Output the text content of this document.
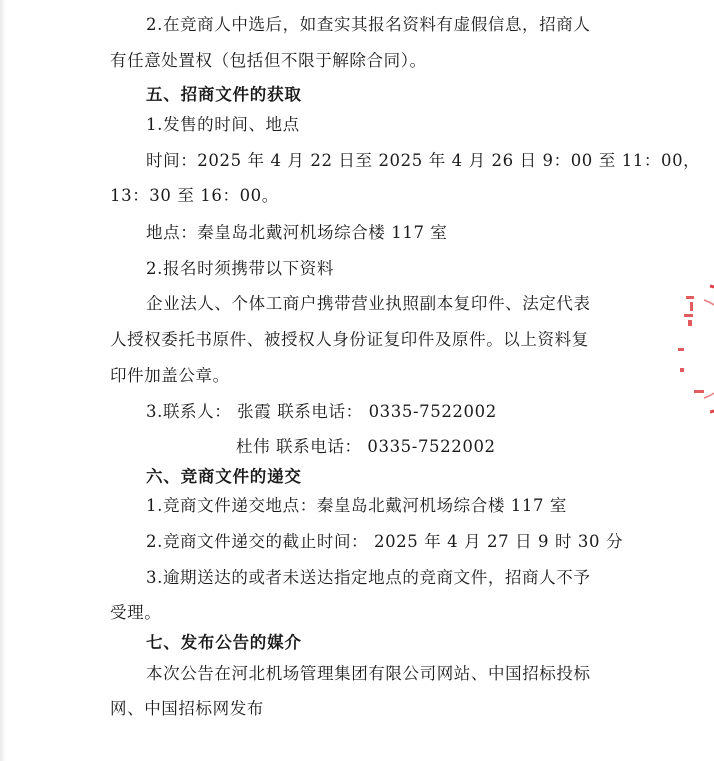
2.在竞商人中选后，如查实其报名资料有虚假信息，招商人
有任意处置权（包括但不限于解除合同）。
五、招商文件的获取
1.发售的时间、地点
时间：2025 年 4 月 22 日至 2025 年 4 月 26 日 9：00 至 11：00，
13：30 至 16：00。
地点：秦皇岛北戴河机场综合楼 117 室
2.报名时须携带以下资料
企业法人、个体工商户携带营业执照副本复印件、法定代表
人授权委托书原件、被授权人身份证复印件及原件。以上资料复
印件加盖公章。
3.联系人： 张霞 联系电话： 0335-7522002
杜伟 联系电话： 0335-7522002
六、竞商文件的递交
1.竞商文件递交地点：秦皇岛北戴河机场综合楼 117 室
2.竞商文件递交的截止时间： 2025 年 4 月 27 日 9 时 30 分
3.逾期送达的或者未送达指定地点的竞商文件，招商人不予
受理。
七、发布公告的媒介
本次公告在河北机场管理集团有限公司网站、中国招标投标
网、中国招标网发布
